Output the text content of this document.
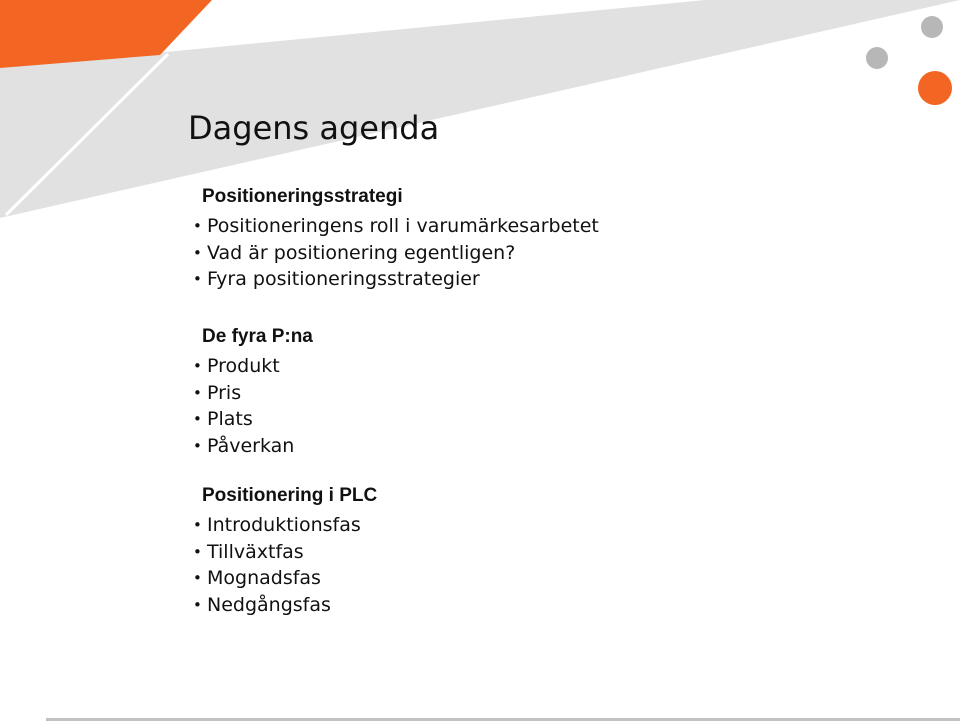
Dagens agenda
Positioneringsstrategi
• Positioneringens roll i varumärkesarbetet
• Vad är positionering egentligen?
• Fyra positioneringsstrategier
De fyra P:na
• Produkt
• Pris
• Plats
• Påverkan
Positionering i PLC
• Introduktionsfas
• Tillväxtfas
• Mognadsfas
• Nedgångsfas
